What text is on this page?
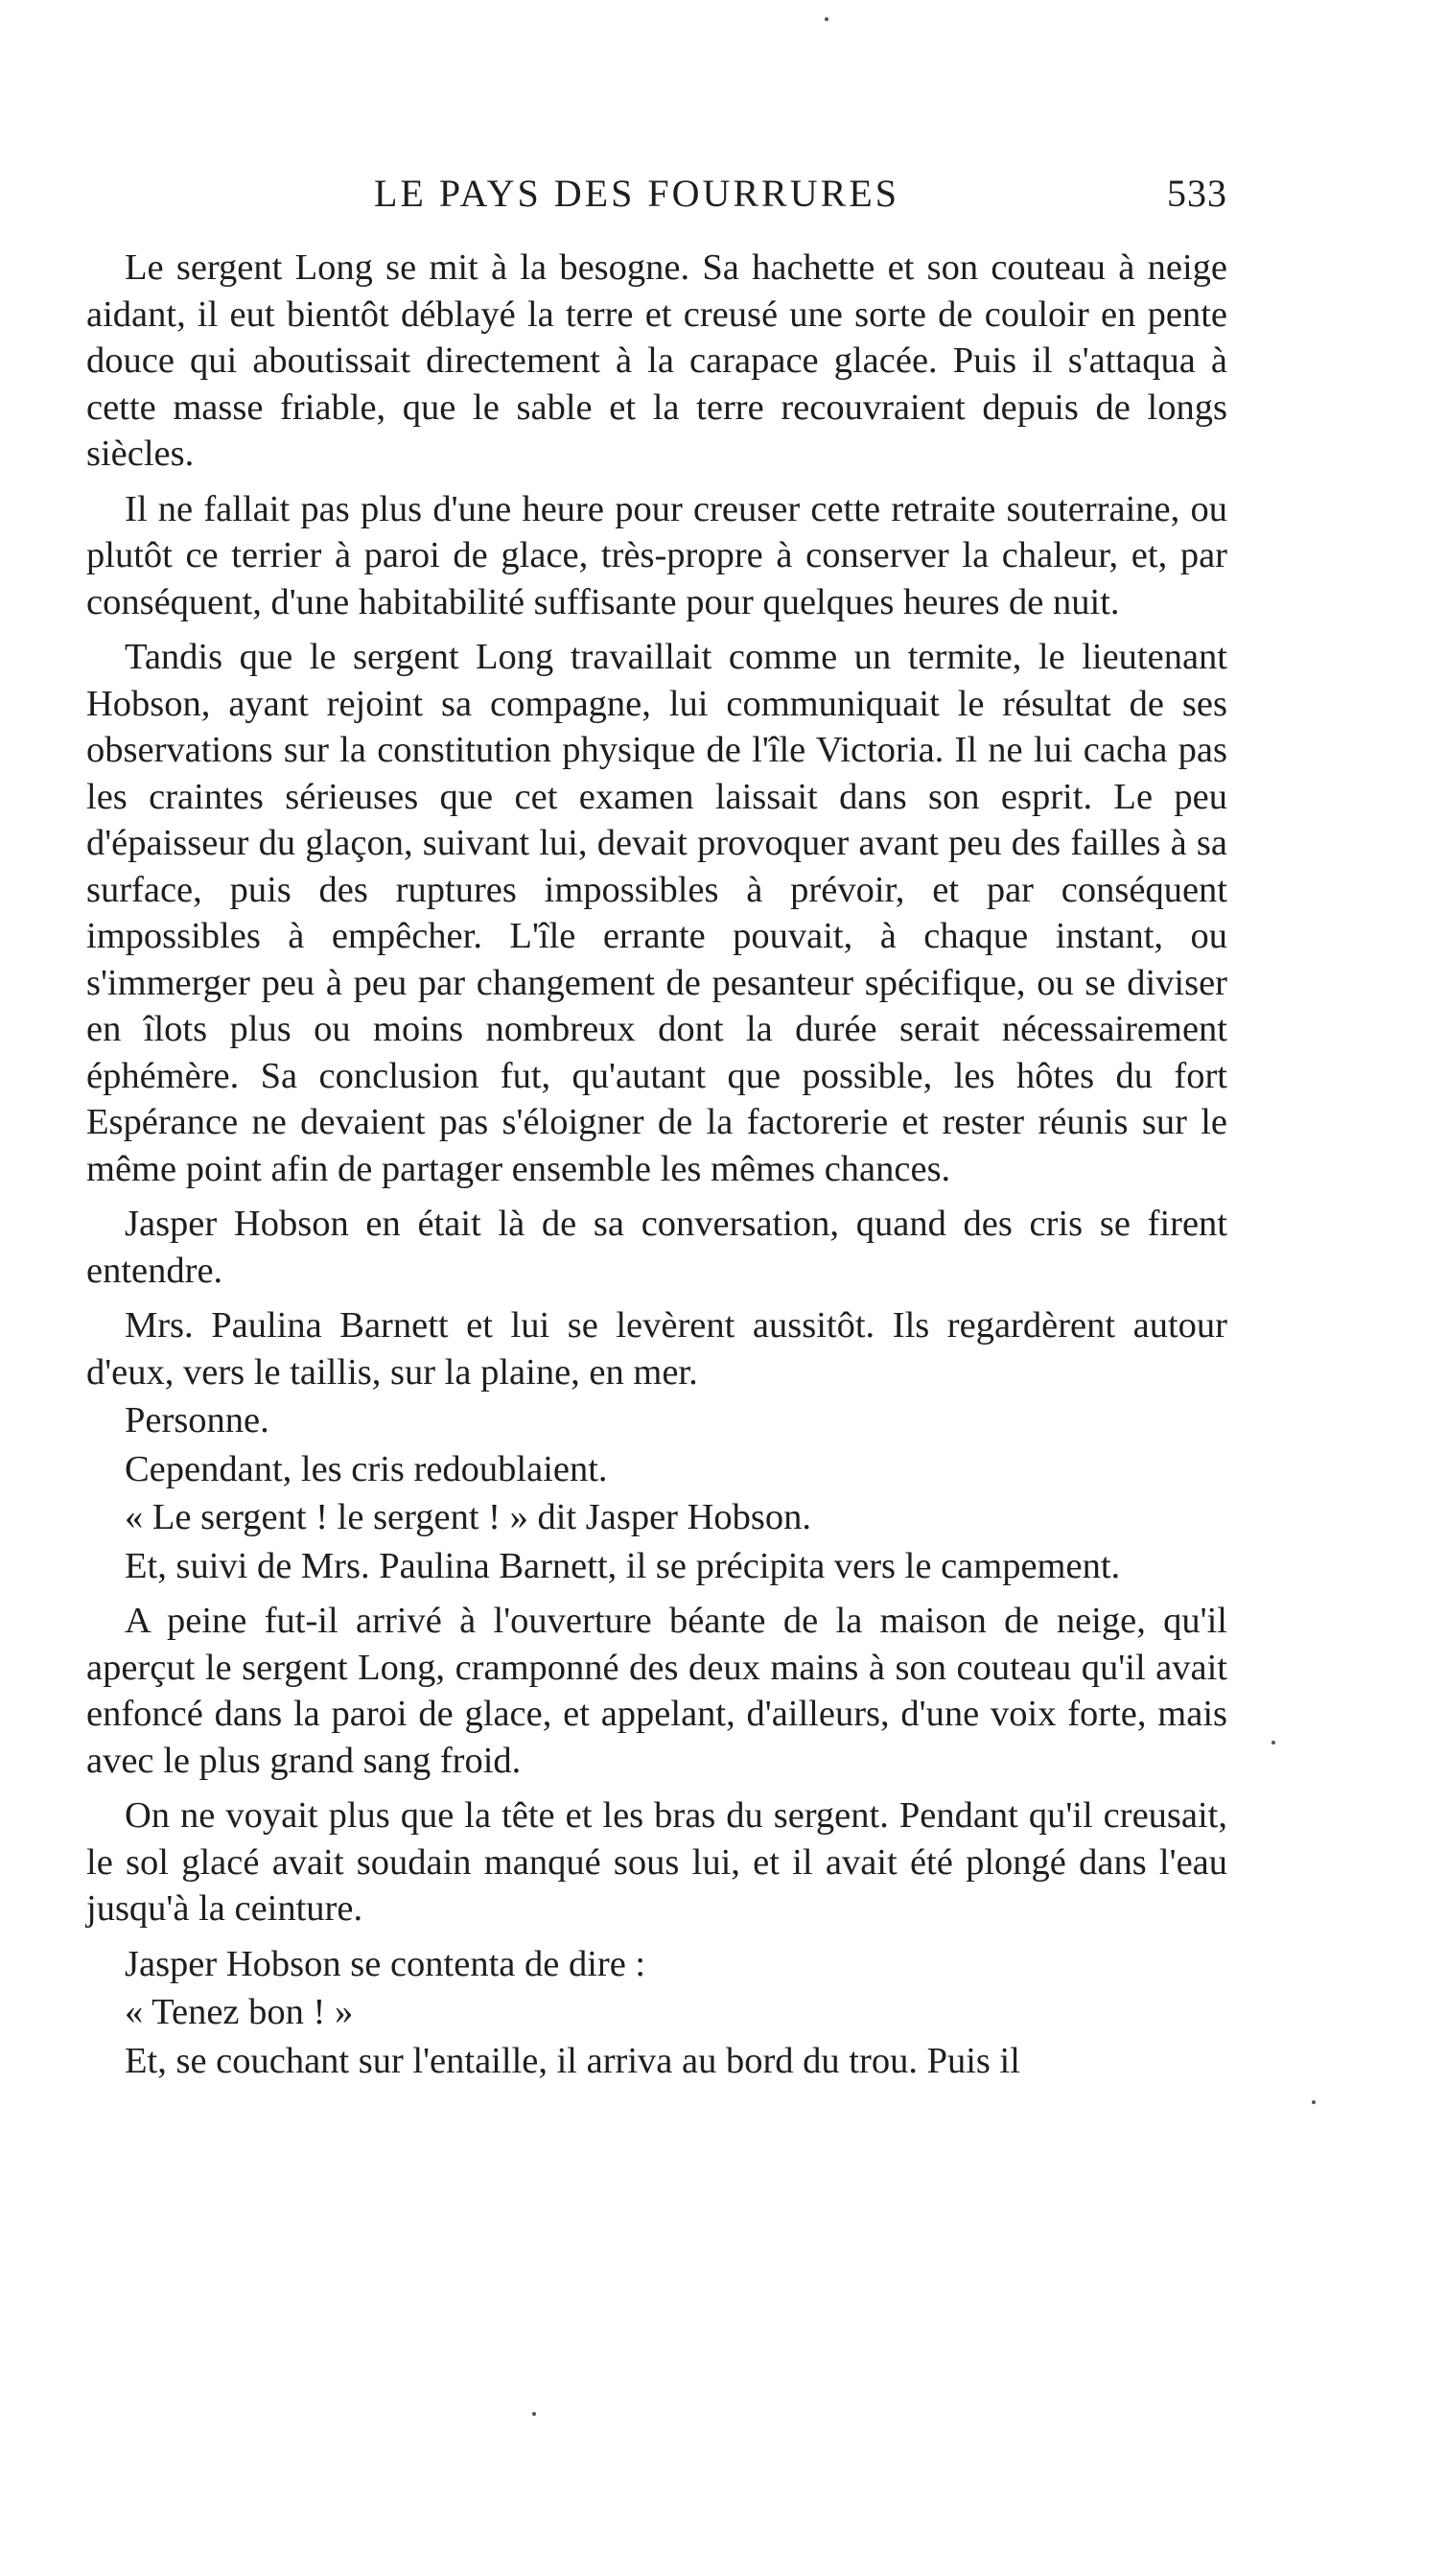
LE PAYS DES FOURRURES	533

Le sergent Long se mit à la besogne. Sa hachette et son couteau à neige aidant, il eut bientôt déblayé la terre et creusé une sorte de couloir en pente douce qui aboutissait directement à la carapace glacée. Puis il s'attaqua à cette masse friable, que le sable et la terre recouvraient depuis de longs siècles.

Il ne fallait pas plus d'une heure pour creuser cette retraite souterraine, ou plutôt ce terrier à paroi de glace, très-propre à conserver la chaleur, et, par conséquent, d'une habitabilité suffisante pour quelques heures de nuit.

Tandis que le sergent Long travaillait comme un termite, le lieutenant Hobson, ayant rejoint sa compagne, lui communiquait le résultat de ses observations sur la constitution physique de l'île Victoria. Il ne lui cacha pas les craintes sérieuses que cet examen laissait dans son esprit. Le peu d'épaisseur du glaçon, suivant lui, devait provoquer avant peu des failles à sa surface, puis des ruptures impossibles à prévoir, et par conséquent impossibles à empêcher. L'île errante pouvait, à chaque instant, ou s'immerger peu à peu par changement de pesanteur spécifique, ou se diviser en îlots plus ou moins nombreux dont la durée serait nécessairement éphémère. Sa conclusion fut, qu'autant que possible, les hôtes du fort Espérance ne devaient pas s'éloigner de la factorerie et rester réunis sur le même point afin de partager ensemble les mêmes chances.

Jasper Hobson en était là de sa conversation, quand des cris se firent entendre.

Mrs. Paulina Barnett et lui se levèrent aussitôt. Ils regardèrent autour d'eux, vers le taillis, sur la plaine, en mer.

Personne.

Cependant, les cris redoublaient.

« Le sergent ! le sergent ! » dit Jasper Hobson.

Et, suivi de Mrs. Paulina Barnett, il se précipita vers le campement.

A peine fut-il arrivé à l'ouverture béante de la maison de neige, qu'il aperçut le sergent Long, cramponné des deux mains à son couteau qu'il avait enfoncé dans la paroi de glace, et appelant, d'ailleurs, d'une voix forte, mais avec le plus grand sang froid.

On ne voyait plus que la tête et les bras du sergent. Pendant qu'il creusait, le sol glacé avait soudain manqué sous lui, et il avait été plongé dans l'eau jusqu'à la ceinture.

Jasper Hobson se contenta de dire :

« Tenez bon ! »

Et, se couchant sur l'entaille, il arriva au bord du trou. Puis il
